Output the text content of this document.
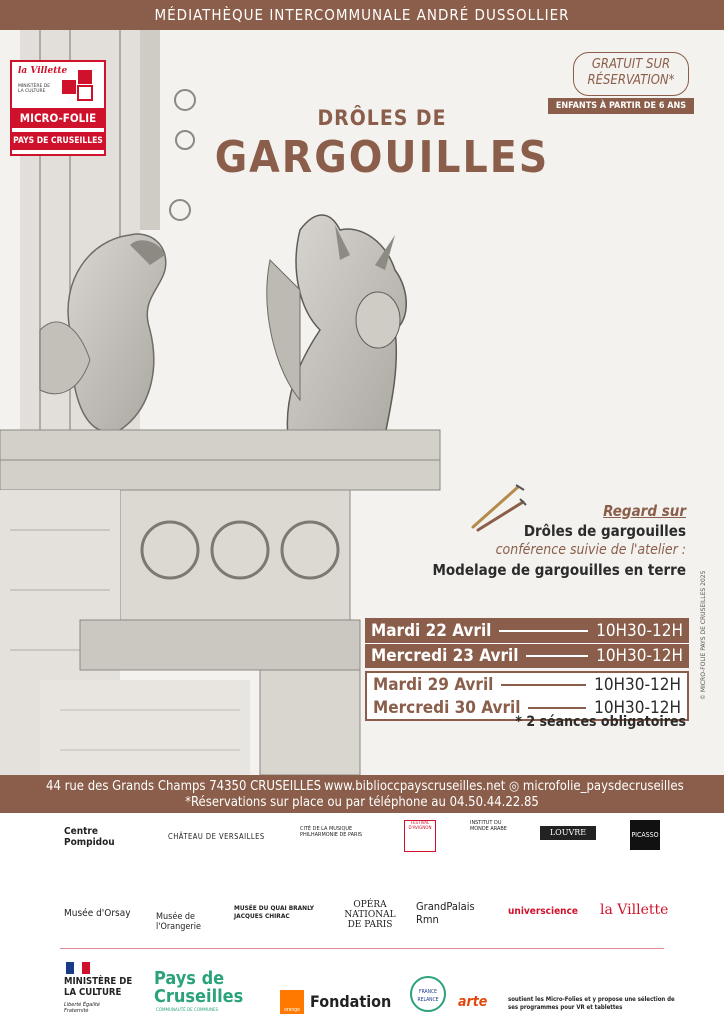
MÉDIATHÈQUE INTERCOMMUNALE ANDRÉ DUSSOLLIER
la Villette
MINISTÈRE DE LA CULTURE
MICRO-FOLIE
PAYS DE CRUSEILLES
GRATUIT SUR
RÉSERVATION*
ENFANTS À PARTIR DE 6 ANS
DRÔLES DE
GARGOUILLES
Regard sur
Drôles de gargouilles
conférence suivie de l'atelier :
Modelage de gargouilles en terre
Mardi 22 Avril	10H30-12H
Mercredi 23 Avril	10H30-12H
Mardi 29 Avril	10H30-12H
Mercredi 30 Avril	10H30-12H
* 2 séances obligatoires
© MICRO-FOLIE PAYS DE CRUSEILLES 2025
44 rue des Grands Champs 74350 CRUSEILLES www.biblioccpayscruseilles.net ◎ microfolie_paysdecruseilles
*Réservations sur place ou par téléphone au 04.50.44.22.85
Centre Pompidou
CHÂTEAU DE VERSAILLES
CITÉ DE LA MUSIQUE PHILHARMONIE DE PARIS
FESTIVAL D'AVIGNON
INSTITUT DU MONDE ARABE	LOUVRE	PICASSO
Musée d'Orsay	Musée de l'Orangerie
MUSÉE DU QUAI BRANLY JACQUES CHIRAC
OPÉRA NATIONAL DE PARIS
GrandPalais Rmn
universcience la Villette
MINISTÈRE DE LA CULTURE
Liberté Égalité Fraternité
Pays de
Cruseilles
COMMUNAUTÉ DE COMMUNES	orange Fondation	FRANCE RELANCE	arte	soutient les Micro-Folies et y propose une sélection de ses programmes pour VR et tablettes
